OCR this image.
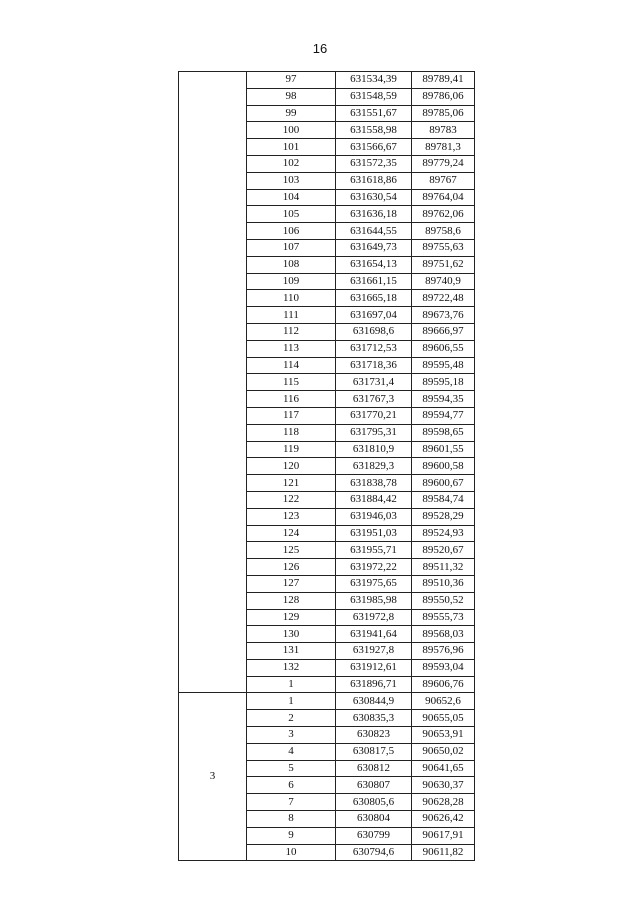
16
	97	631534,39	89789,41
	98	631548,59	89786,06
	99	631551,67	89785,06
	100	631558,98	89783
	101	631566,67	89781,3
	102	631572,35	89779,24
	103	631618,86	89767
	104	631630,54	89764,04
	105	631636,18	89762,06
	106	631644,55	89758,6
	107	631649,73	89755,63
	108	631654,13	89751,62
	109	631661,15	89740,9
	110	631665,18	89722,48
	111	631697,04	89673,76
	112	631698,6	89666,97
	113	631712,53	89606,55
	114	631718,36	89595,48
	115	631731,4	89595,18
	116	631767,3	89594,35
	117	631770,21	89594,77
	118	631795,31	89598,65
	119	631810,9	89601,55
	120	631829,3	89600,58
	121	631838,78	89600,67
	122	631884,42	89584,74
	123	631946,03	89528,29
	124	631951,03	89524,93
	125	631955,71	89520,67
	126	631972,22	89511,32
	127	631975,65	89510,36
	128	631985,98	89550,52
	129	631972,8	89555,73
	130	631941,64	89568,03
	131	631927,8	89576,96
	132	631912,61	89593,04
	1	631896,71	89606,76
3	1	630844,9	90652,6
	2	630835,3	90655,05
	3	630823	90653,91
	4	630817,5	90650,02
	5	630812	90641,65
	6	630807	90630,37
	7	630805,6	90628,28
	8	630804	90626,42
	9	630799	90617,91
	10	630794,6	90611,82
